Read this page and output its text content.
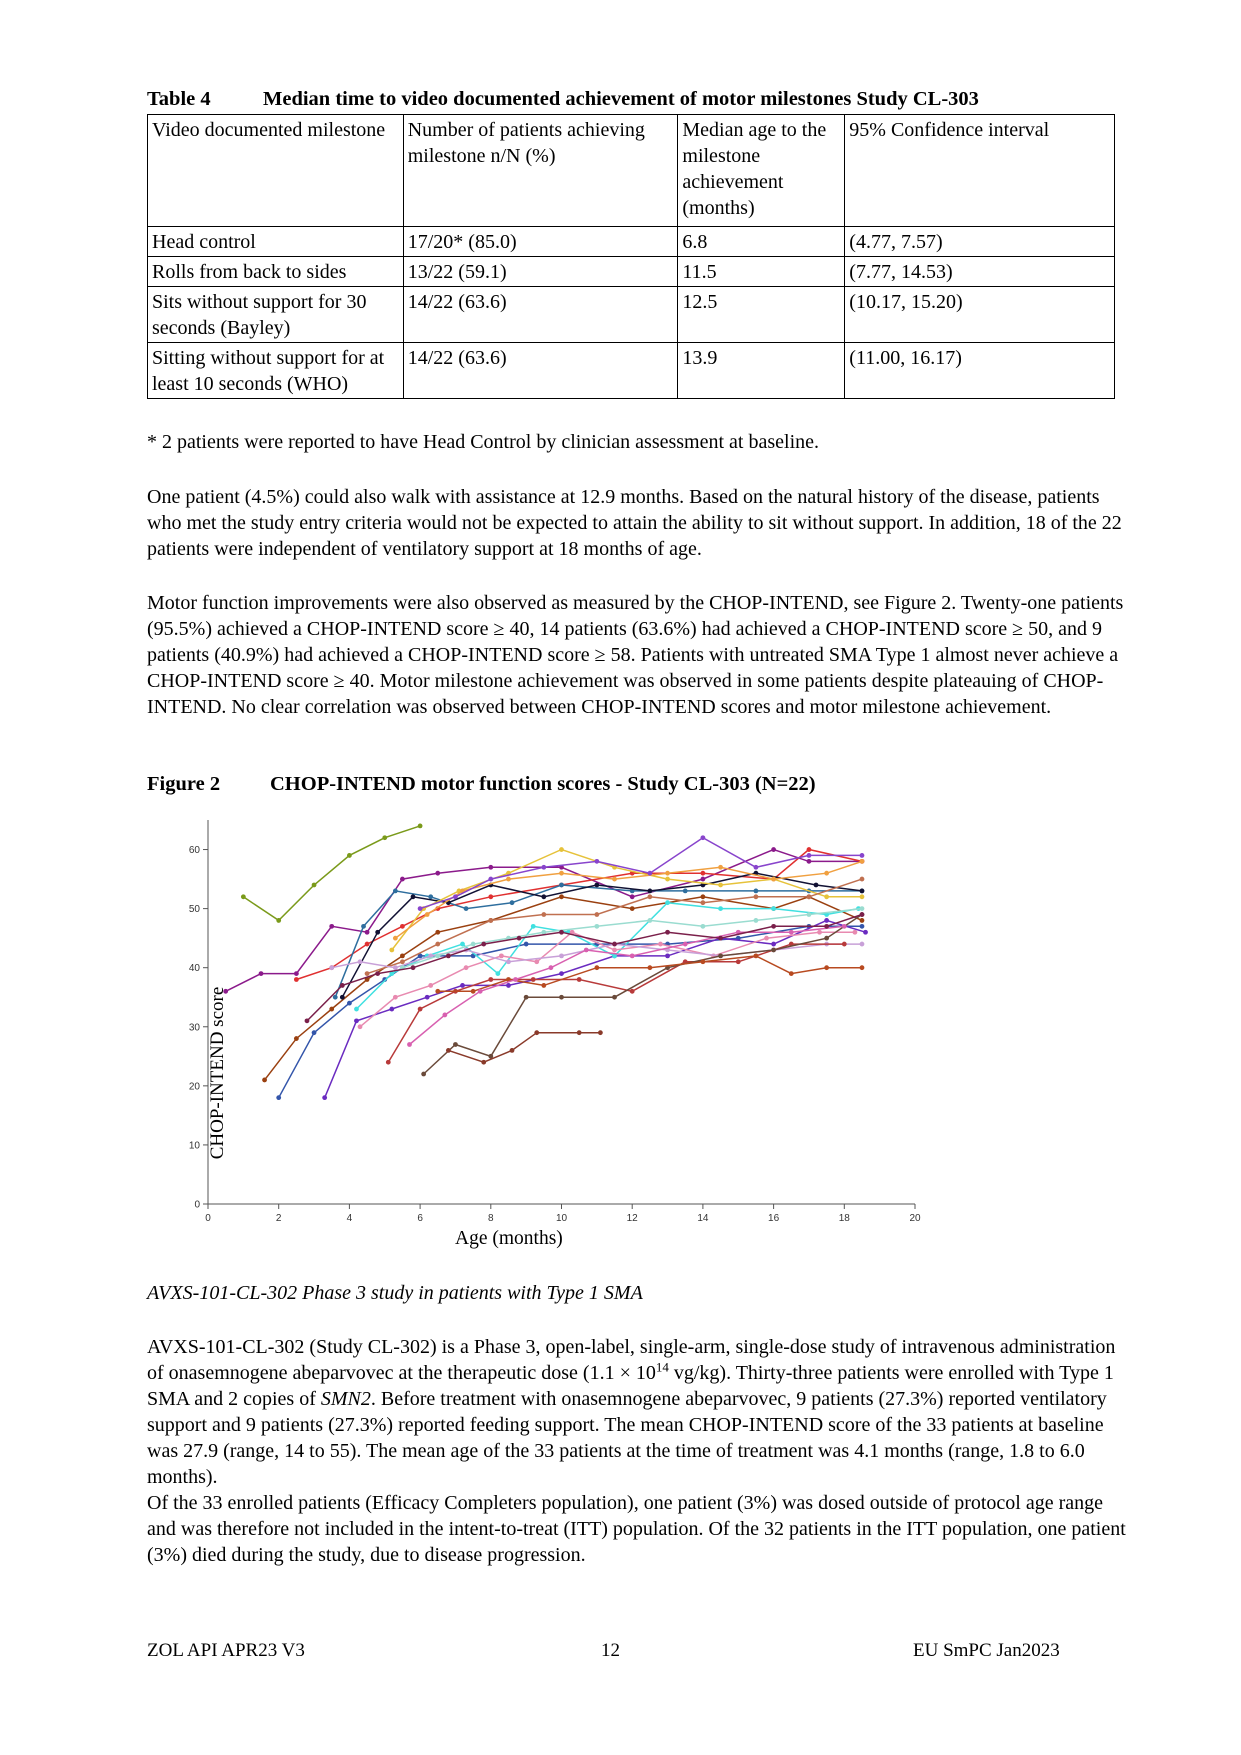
Table 4	Median time to video documented achievement of motor milestones Study CL-303
Video documented milestone	Number of patients achieving milestone n/N (%)	Median age to the milestone achievement (months)	95% Confidence interval
Head control	17/20* (85.0)	6.8	(4.77, 7.57)
Rolls from back to sides	13/22 (59.1)	11.5	(7.77, 14.53)
Sits without support for 30 seconds (Bayley)	14/22 (63.6)	12.5	(10.17, 15.20)
Sitting without support for at least 10 seconds (WHO)	14/22 (63.6)	13.9	(11.00, 16.17)
* 2 patients were reported to have Head Control by clinician assessment at baseline.

One patient (4.5%) could also walk with assistance at 12.9 months. Based on the natural history of the disease, patients who met the study entry criteria would not be expected to attain the ability to sit without support. In addition, 18 of the 22 patients were independent of ventilatory support at 18 months of age.

Motor function improvements were also observed as measured by the CHOP-INTEND, see Figure 2. Twenty-one patients (95.5%) achieved a CHOP-INTEND score ≥ 40, 14 patients (63.6%) had achieved a CHOP-INTEND score ≥ 50, and 9 patients (40.9%) had achieved a CHOP-INTEND score ≥ 58. Patients with untreated SMA Type 1 almost never achieve a CHOP-INTEND score ≥ 40. Motor milestone achievement was observed in some patients despite plateauing of CHOP-INTEND. No clear correlation was observed between CHOP-INTEND scores and motor milestone achievement.

Figure 2 CHOP-INTEND motor function scores - Study CL-303 (N=22)
0
10
20
30
40
50
60
0	2	4	6	8	10	12	14	16	18	20
CHOP-INTEND score
Age (months)
AVXS-101-CL-302 Phase 3 study in patients with Type 1 SMA

AVXS-101-CL-302 (Study CL-302) is a Phase 3, open-label, single-arm, single-dose study of intravenous administration of onasemnogene abeparvovec at the therapeutic dose ($1.1 \times 10^{14}$ vg/kg). Thirty-three patients were enrolled with Type 1 SMA and 2 copies of SMN2. Before treatment with onasemnogene abeparvovec, 9 patients (27.3%) reported ventilatory support and 9 patients (27.3%) reported feeding support. The mean CHOP-INTEND score of the 33 patients at baseline was 27.9 (range, 14 to 55). The mean age of the 33 patients at the time of treatment was 4.1 months (range, 1.8 to 6.0 months).

Of the 33 enrolled patients (Efficacy Completers population), one patient (3%) was dosed outside of protocol age range and was therefore not included in the intent-to-treat (ITT) population. Of the 32 patients in the ITT population, one patient (3%) died during the study, due to disease progression.

ZOL API APR23 V3	12	EU SmPC Jan2023
